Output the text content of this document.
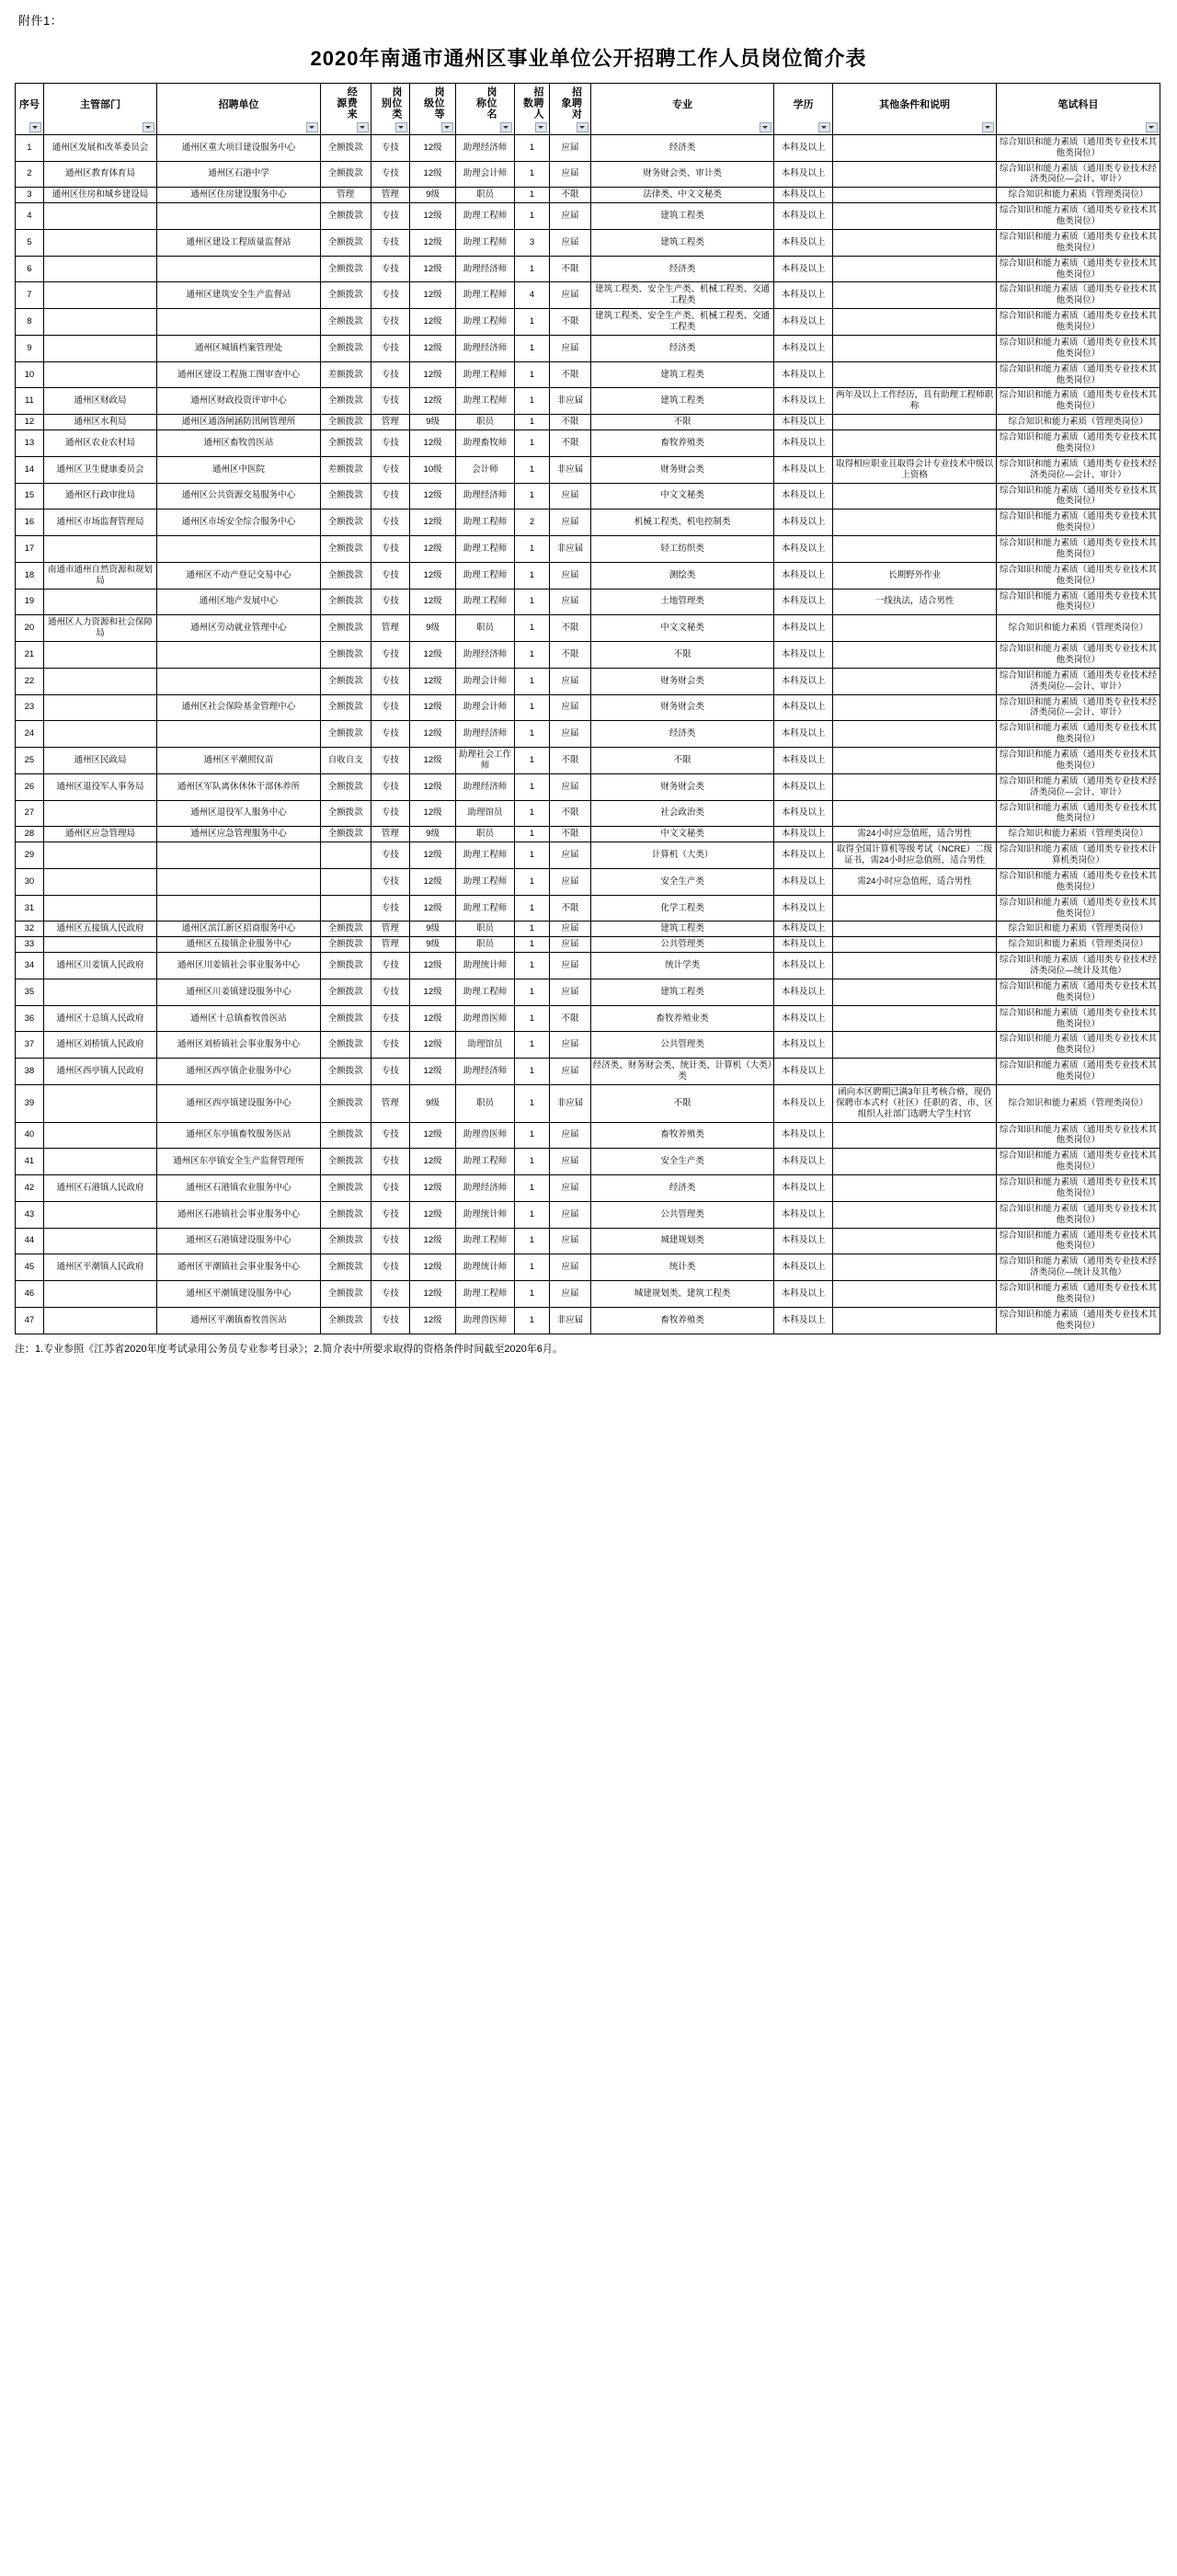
附件1：
2020年南通市通州区事业单位公开招聘工作人员岗位简介表
序号	主管部门	招聘单位	经费来源	岗位类别	岗位等级	岗位名称	招聘人数	招聘对象	专业	学历	其他条件和说明	笔试科目

1	通州区发展和改革委员会	通州区重大项目建设服务中心	全额拨款	专技	12级	助理经济师	1	应届	经济类	本科及以上		综合知识和能力素质（通用类专业技术其他类岗位）
2	通州区教育体育局	通州区石港中学	全额拨款	专技	12级	助理会计师	1	应届	财务财会类、审计类	本科及以上		综合知识和能力素质（通用类专业技术经济类岗位—会计、审计）
3	通州区住房和城乡建设局	通州区住房建设服务中心	管理	管理	9级	职员	1	不限	法律类、中文文秘类	本科及以上		综合知识和能力素质（管理类岗位）
4			全额拨款	专技	12级	助理工程师	1	应届	建筑工程类	本科及以上		综合知识和能力素质（通用类专业技术其他类岗位）
5		通州区建设工程质量监督站	全额拨款	专技	12级	助理工程师	3	应届	建筑工程类	本科及以上		综合知识和能力素质（通用类专业技术其他类岗位）
6			全额拨款	专技	12级	助理经济师	1	不限	经济类	本科及以上		综合知识和能力素质（通用类专业技术其他类岗位）
7		通州区建筑安全生产监督站	全额拨款	专技	12级	助理工程师	4	应届	建筑工程类、安全生产类、机械工程类、交通工程类	本科及以上		综合知识和能力素质（通用类专业技术其他类岗位）
8			全额拨款	专技	12级	助理工程师	1	不限	建筑工程类、安全生产类、机械工程类、交通工程类	本科及以上		综合知识和能力素质（通用类专业技术其他类岗位）
9		通州区城镇档案管理处	全额拨款	专技	12级	助理经济师	1	应届	经济类	本科及以上		综合知识和能力素质（通用类专业技术其他类岗位）
10		通州区建设工程施工图审查中心	差额拨款	专技	12级	助理工程师	1	不限	建筑工程类	本科及以上		综合知识和能力素质（通用类专业技术其他类岗位）
11	通州区财政局	通州区财政投资评审中心	全额拨款	专技	12级	助理工程师	1	非应届	建筑工程类	本科及以上	两年及以上工作经历，具有助理工程师职称	综合知识和能力素质（通用类专业技术其他类岗位）
12	通州区水利局	通州区通洛闸涵防汛闸管理所	全额拨款	管理	9级	职员	1	不限	不限	本科及以上		综合知识和能力素质（管理类岗位）
13	通州区农业农村局	通州区畜牧兽医站	全额拨款	专技	12级	助理畜牧师	1	不限	畜牧养殖类	本科及以上		综合知识和能力素质（通用类专业技术其他类岗位）
14	通州区卫生健康委员会	通州区中医院	差额拨款	专技	10级	会计师	1	非应届	财务财会类	本科及以上	取得相应职业且取得会计专业技术中级以上资格	综合知识和能力素质（通用类专业技术经济类岗位—会计、审计）
15	通州区行政审批局	通州区公共资源交易服务中心	全额拨款	专技	12级	助理经济师	1	应届	中文文秘类	本科及以上		综合知识和能力素质（通用类专业技术其他类岗位）
16	通州区市场监督管理局	通州区市场安全综合服务中心	全额拨款	专技	12级	助理工程师	2	应届	机械工程类、机电控制类	本科及以上		综合知识和能力素质（通用类专业技术其他类岗位）
17			全额拨款	专技	12级	助理工程师	1	非应届	轻工纺织类	本科及以上		综合知识和能力素质（通用类专业技术其他类岗位）
18	南通市通州自然资源和规划局	通州区不动产登记交易中心	全额拨款	专技	12级	助理工程师	1	应届	测绘类	本科及以上	长期野外作业	综合知识和能力素质（通用类专业技术其他类岗位）
19		通州区地产发展中心	全额拨款	专技	12级	助理工程师	1	应届	土地管理类	本科及以上	一线执法，适合男性	综合知识和能力素质（通用类专业技术其他类岗位）
20	通州区人力资源和社会保障局	通州区劳动就业管理中心	全额拨款	管理	9级	职员	1	不限	中文文秘类	本科及以上		综合知识和能力素质（管理类岗位）
21			全额拨款	专技	12级	助理经济师	1	不限	不限	本科及以上		综合知识和能力素质（通用类专业技术其他类岗位）
22			全额拨款	专技	12级	助理会计师	1	应届	财务财会类	本科及以上		综合知识和能力素质（通用类专业技术经济类岗位—会计、审计）
23		通州区社会保险基金管理中心	全额拨款	专技	12级	助理会计师	1	应届	财务财会类	本科及以上		综合知识和能力素质（通用类专业技术经济类岗位—会计、审计）
24			全额拨款	专技	12级	助理经济师	1	应届	经济类	本科及以上		综合知识和能力素质（通用类专业技术其他类岗位）
25	通州区民政局	通州区平潮照仪苗	自收自支	专技	12级	助理社会工作师	1	不限	不限	本科及以上		综合知识和能力素质（通用类专业技术其他类岗位）
26	通州区退役军人事务局	通州区军队离休休休干部休养所	全额拨款	专技	12级	助理经济师	1	应届	财务财会类	本科及以上		综合知识和能力素质（通用类专业技术经济类岗位—会计、审计）
27		通州区退役军人服务中心	全额拨款	专技	12级	助理馆员	1	不限	社会政治类	本科及以上		综合知识和能力素质（通用类专业技术其他类岗位）
28	通州区应急管理局	通州区应急管理服务中心	全额拨款	管理	9级	职员	1	不限	中文文秘类	本科及以上	需24小时应急值班，适合男性	综合知识和能力素质（管理类岗位）
29				专技	12级	助理工程师	1	应届	计算机（大类）	本科及以上	取得全国计算机等级考试（NCRE）二级证书，需24小时应急值班，适合男性	综合知识和能力素质（通用类专业技术计算机类岗位）
30				专技	12级	助理工程师	1	应届	安全生产类	本科及以上	需24小时应急值班，适合男性	综合知识和能力素质（通用类专业技术其他类岗位）
31				专技	12级	助理工程师	1	不限	化学工程类	本科及以上		综合知识和能力素质（通用类专业技术其他类岗位）
32	通州区五接镇人民政府	通州区滨江新区招商服务中心	全额拨款	管理	9级	职员	1	应届	建筑工程类	本科及以上		综合知识和能力素质（管理类岗位）
33		通州区五接镇企业服务中心	全额拨款	管理	9级	职员	1	应届	公共管理类	本科及以上		综合知识和能力素质（管理类岗位）
34	通州区川姜镇人民政府	通州区川姜镇社会事业服务中心	全额拨款	专技	12级	助理统计师	1	应届	统计学类	本科及以上		综合知识和能力素质（通用类专业技术经济类岗位—统计及其他）
35		通州区川姜镇建设服务中心	全额拨款	专技	12级	助理工程师	1	应届	建筑工程类	本科及以上		综合知识和能力素质（通用类专业技术其他类岗位）
36	通州区十总镇人民政府	通州区十总镇畜牧兽医站	全额拨款	专技	12级	助理兽医师	1	不限	畜牧养殖业类	本科及以上		综合知识和能力素质（通用类专业技术其他类岗位）
37	通州区刘桥镇人民政府	通州区刘桥镇社会事业服务中心	全额拨款	专技	12级	助理馆员	1	应届	公共管理类	本科及以上		综合知识和能力素质（通用类专业技术其他类岗位）
38	通州区西亭镇人民政府	通州区西亭镇企业服务中心	全额拨款	专技	12级	助理经济师	1	应届	经济类、财务财会类、统计类、计算机（大类）类	本科及以上		综合知识和能力素质（通用类专业技术其他类岗位）
39		通州区西亭镇建设服务中心	全额拨款	管理	9级	职员	1	非应届	不限	本科及以上	函向本区聘期已满3年且考核合格，现仍保聘市本式村（社区）任职的省、市、区组织人社部门选聘大学生村官	综合知识和能力素质（管理类岗位）
40		通州区东亭镇畜牧服务医站	全额拨款	专技	12级	助理兽医师	1	应届	畜牧养殖类	本科及以上		综合知识和能力素质（通用类专业技术其他类岗位）
41		通州区东亭镇安全生产监督管理所	全额拨款	专技	12级	助理工程师	1	应届	安全生产类	本科及以上		综合知识和能力素质（通用类专业技术其他类岗位）
42	通州区石港镇人民政府	通州区石港镇农业服务中心	全额拨款	专技	12级	助理经济师	1	应届	经济类	本科及以上		综合知识和能力素质（通用类专业技术其他类岗位）
43		通州区石港镇社会事业服务中心	全额拨款	专技	12级	助理统计师	1	应届	公共管理类	本科及以上		综合知识和能力素质（通用类专业技术其他类岗位）
44		通州区石港镇建设服务中心	全额拨款	专技	12级	助理工程师	1	应届	城建规划类	本科及以上		综合知识和能力素质（通用类专业技术其他类岗位）
45	通州区平潮镇人民政府	通州区平潮镇社会事业服务中心	全额拨款	专技	12级	助理统计师	1	应届	统计类	本科及以上		综合知识和能力素质（通用类专业技术经济类岗位—统计及其他）
46		通州区平潮镇建设服务中心	全额拨款	专技	12级	助理工程师	1	应届	城建规划类、建筑工程类	本科及以上		综合知识和能力素质（通用类专业技术其他类岗位）
47		通州区平潮镇畜牧兽医站	全额拨款	专技	12级	助理兽医师	1	非应届	畜牧养殖类	本科及以上		综合知识和能力素质（通用类专业技术其他类岗位）
注：1.专业参照《江苏省2020年度考试录用公务员专业参考目录》；2.简介表中所要求取得的资格条件时间截至2020年6月。
